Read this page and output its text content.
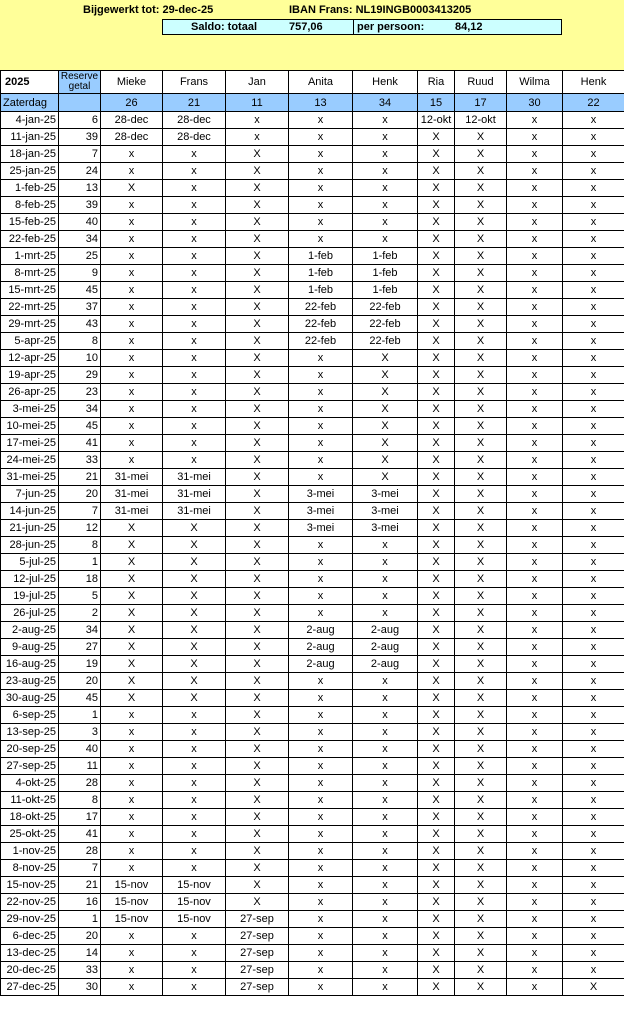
Bijgewerkt tot: 29-dec-25	IBAN Frans: NL19INGB0003413205
Saldo: totaal	757,06	per persoon:	84,12
2025	Reserve getal	Mieke	Frans	Jan	Anita	Henk	Ria	Ruud	Wilma	Henk
Zaterdag		26	21	11	13	34	15	17	30	22
4-jan-25	6	28-dec	28-dec	x	x	x	12-okt	12-okt	x	x
11-jan-25	39	28-dec	28-dec	x	x	x	X	X	x	x
18-jan-25	7	x	x	X	x	x	X	X	x	x
25-jan-25	24	x	x	X	x	x	X	X	x	x
1-feb-25	13	X	x	X	x	x	X	X	x	x
8-feb-25	39	x	x	X	x	x	X	X	x	x
15-feb-25	40	x	x	X	x	x	X	X	x	x
22-feb-25	34	x	x	X	x	x	X	X	x	x
1-mrt-25	25	x	x	X	1-feb	1-feb	X	X	x	x
8-mrt-25	9	x	x	X	1-feb	1-feb	X	X	x	x
15-mrt-25	45	x	x	X	1-feb	1-feb	X	X	x	x
22-mrt-25	37	x	x	X	22-feb	22-feb	X	X	x	x
29-mrt-25	43	x	x	X	22-feb	22-feb	X	X	x	x
5-apr-25	8	x	x	X	22-feb	22-feb	X	X	x	x
12-apr-25	10	x	x	X	x	X	X	X	x	x
19-apr-25	29	x	x	X	x	X	X	X	x	x
26-apr-25	23	x	x	X	x	X	X	X	x	x
3-mei-25	34	x	x	X	x	X	X	X	x	x
10-mei-25	45	x	x	X	x	X	X	X	x	x
17-mei-25	41	x	x	X	x	X	X	X	x	x
24-mei-25	33	x	x	X	x	X	X	X	x	x
31-mei-25	21	31-mei	31-mei	X	x	X	X	X	x	x
7-jun-25	20	31-mei	31-mei	X	3-mei	3-mei	X	X	x	x
14-jun-25	7	31-mei	31-mei	X	3-mei	3-mei	X	X	x	x
21-jun-25	12	X	X	X	3-mei	3-mei	X	X	x	x
28-jun-25	8	X	X	X	x	x	X	X	x	x
5-jul-25	1	X	X	X	x	x	X	X	x	x
12-jul-25	18	X	X	X	x	x	X	X	x	x
19-jul-25	5	X	X	X	x	x	X	X	x	x
26-jul-25	2	X	X	X	x	x	X	X	x	x
2-aug-25	34	X	X	X	2-aug	2-aug	X	X	x	x
9-aug-25	27	X	X	X	2-aug	2-aug	X	X	x	x
16-aug-25	19	X	X	X	2-aug	2-aug	X	X	x	x
23-aug-25	20	X	X	X	x	x	X	X	x	x
30-aug-25	45	X	X	X	x	x	X	X	x	x
6-sep-25	1	x	x	X	x	x	X	X	x	x
13-sep-25	3	x	x	X	x	x	X	X	x	x
20-sep-25	40	x	x	X	x	x	X	X	x	x
27-sep-25	11	x	x	X	x	x	X	X	x	x
4-okt-25	28	x	x	X	x	x	X	X	x	x
11-okt-25	8	x	x	X	x	x	X	X	x	x
18-okt-25	17	x	x	X	x	x	X	X	x	x
25-okt-25	41	x	x	X	x	x	X	X	x	x
1-nov-25	28	x	x	X	x	x	X	X	x	x
8-nov-25	7	x	x	X	x	x	X	X	x	x
15-nov-25	21	15-nov	15-nov	X	x	x	X	X	x	x
22-nov-25	16	15-nov	15-nov	X	x	x	X	X	x	x
29-nov-25	1	15-nov	15-nov	27-sep	x	x	X	X	x	x
6-dec-25	20	x	x	27-sep	x	x	X	X	x	x
13-dec-25	14	x	x	27-sep	x	x	X	X	x	x
20-dec-25	33	x	x	27-sep	x	x	X	X	x	x
27-dec-25	30	x	x	27-sep	x	x	X	X	x	X
